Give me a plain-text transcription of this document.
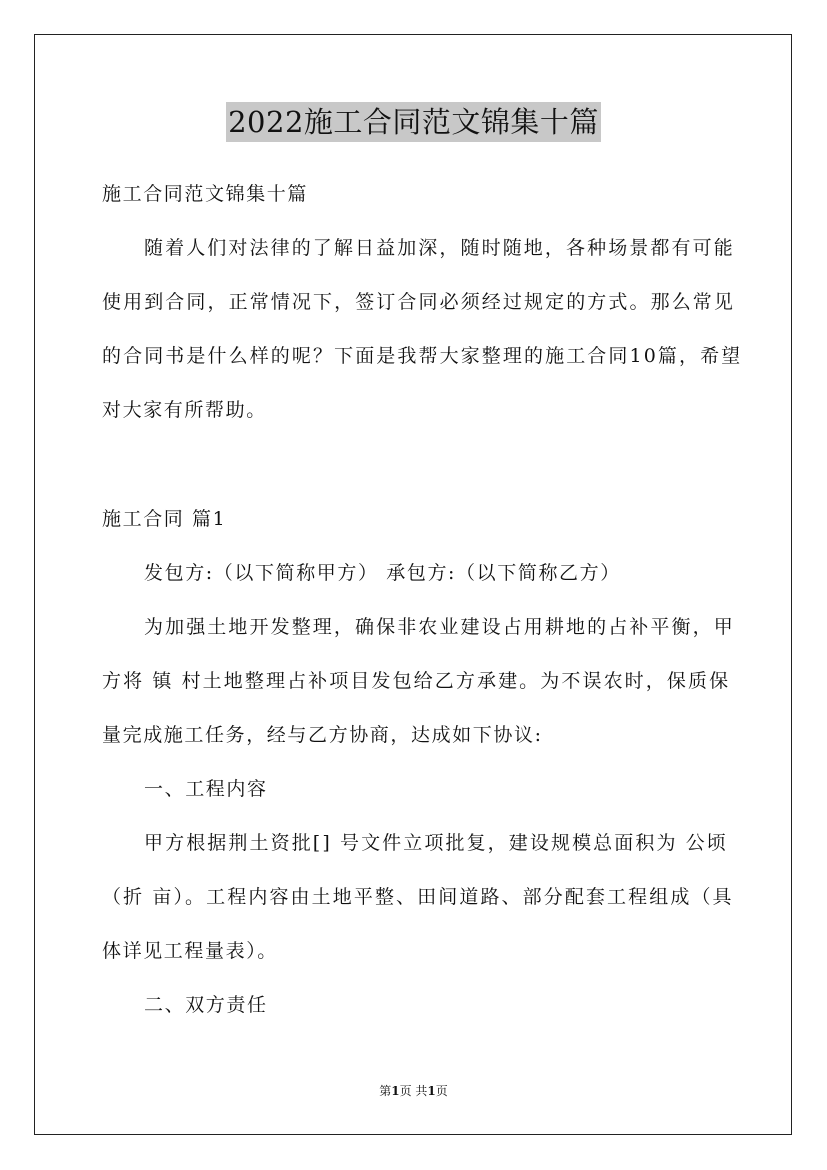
2022施工合同范文锦集十篇
施工合同范文锦集十篇
随着人们对法律的了解日益加深，随时随地，各种场景都有可能
使用到合同，正常情况下，签订合同必须经过规定的方式。那么常见
的合同书是什么样的呢？下面是我帮大家整理的施工合同10篇，希望
对大家有所帮助。
施工合同 篇1
发包方:（以下简称甲方） 承包方:（以下简称乙方）
为加强土地开发整理，确保非农业建设占用耕地的占补平衡，甲
方将 镇 村土地整理占补项目发包给乙方承建。为不误农时，保质保
量完成施工任务，经与乙方协商，达成如下协议:
一、工程内容
甲方根据荆土资批[] 号文件立项批复，建设规模总面积为 公顷
（折 亩）。工程内容由土地平整、田间道路、部分配套工程组成（具
体详见工程量表）。
二、双方责任
第1页 共1页
